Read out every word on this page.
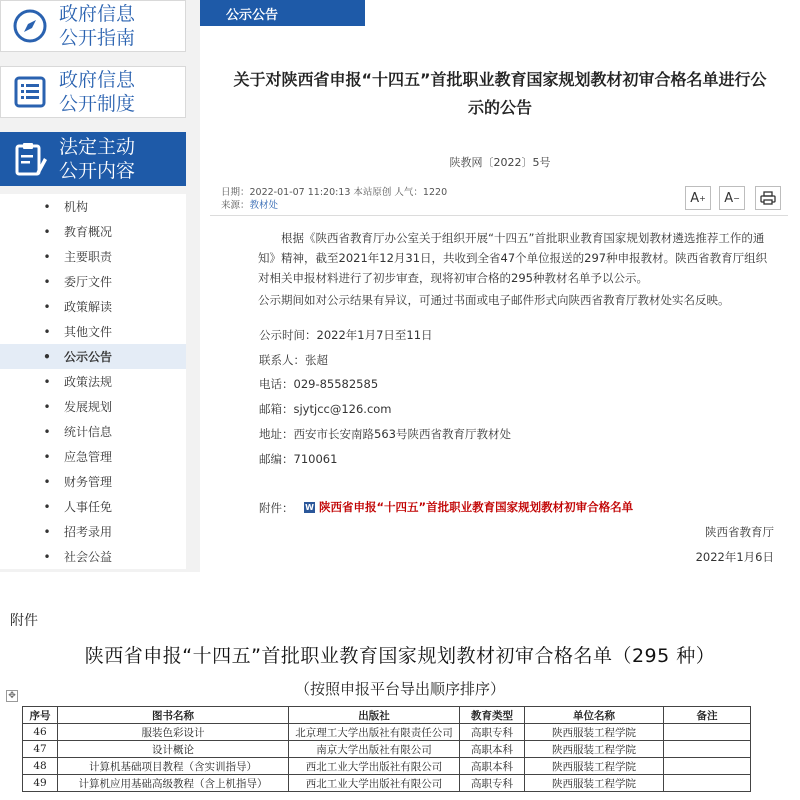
政府信息
公开指南
政府信息
公开制度
法定主动
公开内容
• 机构
• 教育概况
• 主要职责
• 委厅文件
• 政策解读
• 其他文件
• 公示公告
• 政策法规
• 发展规划
• 统计信息
• 应急管理
• 财务管理
• 人事任免
• 招考录用
• 社会公益
公示公告
关于对陕西省申报“十四五”首批职业教育国家规划教材初审合格名单进行公
示的公告
陕教网〔2022〕5号
日期：2022-01-07 11:20:13 本站原创 人气：1220
来源：教材处	A + A −

根据《陕西省教育厅办公室关于组织开展“十四五”首批职业教育国家规划教材遴选推荐工作的通知》精神，截至2021年12月31日，共收到全省47个单位报送的297种申报教材。陕西省教育厅组织对相关申报材料进行了初步审查，现将初审合格的295种教材名单予以公示。

公示期间如对公示结果有异议，可通过书面或电子邮件形式向陕西省教育厅教材处实名反映。

公示时间：2022年1月7日至11日
联系人：张超
电话：029-85582585
邮箱：sjytjcc@126.com
地址：西安市长安南路563号陕西省教育厅教材处
邮编：710061
附件： W 陕西省申报“十四五”首批职业教育国家规划教材初审合格名单
陕西省教育厅
2022年1月6日
附件
陕西省申报“十四五”首批职业教育国家规划教材初审合格名单（295 种）
（按照申报平台导出顺序排序）
✥
序号	图书名称	出版社	教育类型	单位名称	备注
46	服装色彩设计	北京理工大学出版社有限责任公司	高职专科	陕西服装工程学院	
47	设计概论	南京大学出版社有限公司	高职本科	陕西服装工程学院	
48	计算机基础项目教程（含实训指导）	西北工业大学出版社有限公司	高职本科	陕西服装工程学院	
49	计算机应用基础高级教程（含上机指导）	西北工业大学出版社有限公司	高职专科	陕西服装工程学院	
